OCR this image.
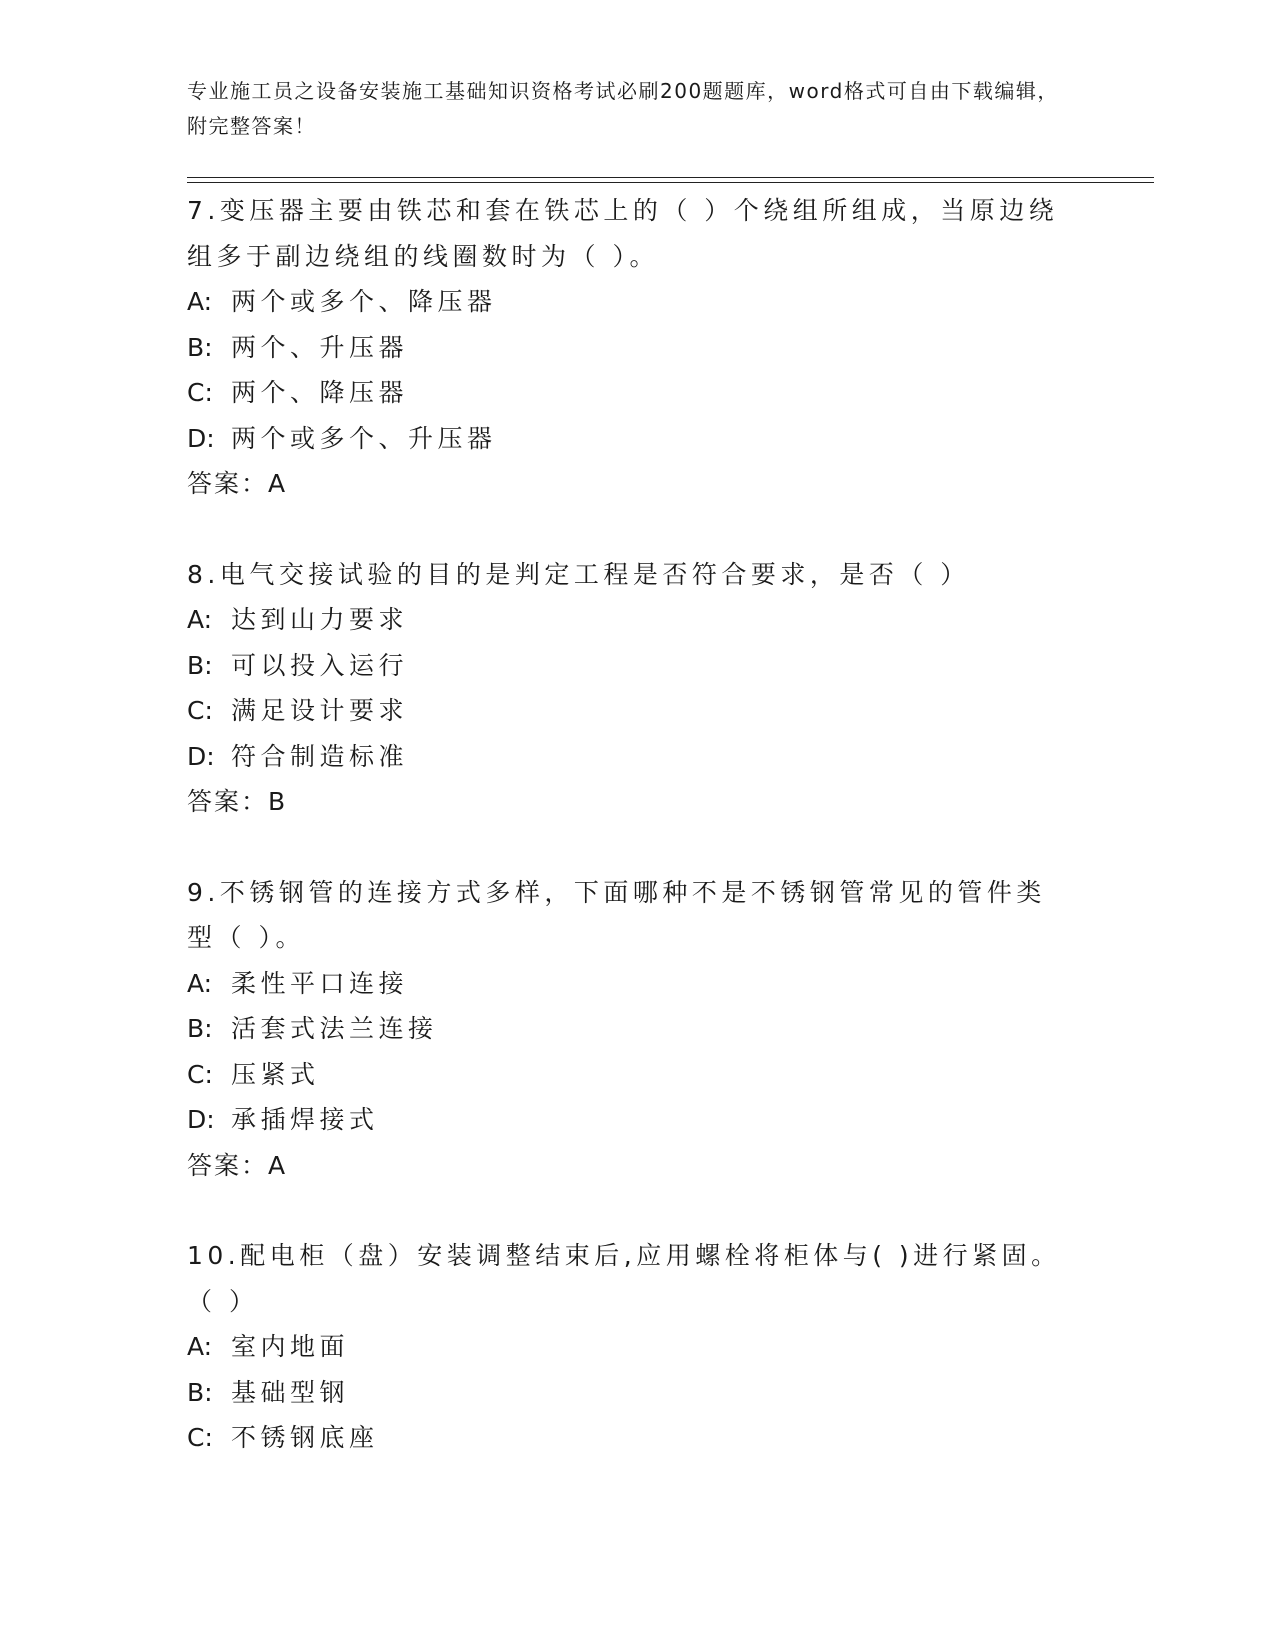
专业施工员之设备安装施工基础知识资格考试必刷200题题库，word格式可自由下载编辑，附完整答案！
7.变压器主要由铁芯和套在铁芯上的（ ）个绕组所组成，当原边绕组多于副边绕组的线圈数时为（ ）。
A: 两个或多个、降压器
B: 两个、升压器
C: 两个、降压器
D: 两个或多个、升压器
答案：A
8.电气交接试验的目的是判定工程是否符合要求，是否（ ）
A: 达到山力要求
B: 可以投入运行
C: 满足设计要求
D: 符合制造标准
答案：B
9.不锈钢管的连接方式多样，下面哪种不是不锈钢管常见的管件类型（ ）。
A: 柔性平口连接
B: 活套式法兰连接
C: 压紧式
D: 承插焊接式
答案：A
10.配电柜（盘）安装调整结束后,应用螺栓将柜体与( )进行紧固。（ ）
A: 室内地面
B: 基础型钢
C: 不锈钢底座
